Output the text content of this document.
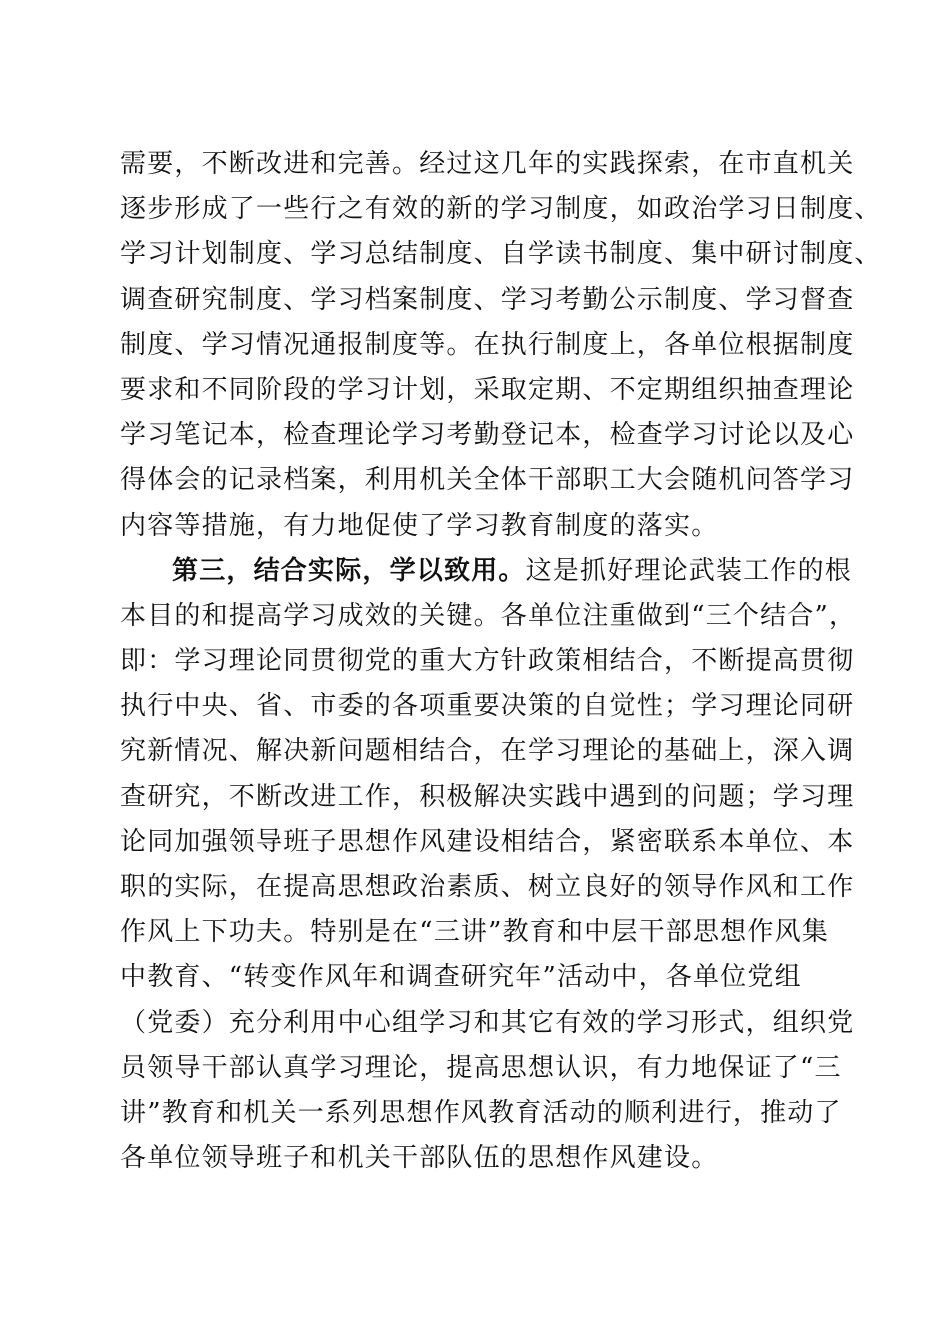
需要，不断改进和完善。经过这几年的实践探索，在市直机关
逐步形成了一些行之有效的新的学习制度，如政治学习日制度、
学习计划制度、学习总结制度、自学读书制度、集中研讨制度、
调查研究制度、学习档案制度、学习考勤公示制度、学习督查
制度、学习情况通报制度等。在执行制度上，各单位根据制度
要求和不同阶段的学习计划，采取定期、不定期组织抽查理论
学习笔记本，检查理论学习考勤登记本，检查学习讨论以及心
得体会的记录档案，利用机关全体干部职工大会随机问答学习
内容等措施，有力地促使了学习教育制度的落实。
第三，结合实际，学以致用。这是抓好理论武装工作的根
本目的和提高学习成效的关键。各单位注重做到“三个结合”，
即：学习理论同贯彻党的重大方针政策相结合，不断提高贯彻
执行中央、省、市委的各项重要决策的自觉性；学习理论同研
究新情况、解决新问题相结合，在学习理论的基础上，深入调
查研究，不断改进工作，积极解决实践中遇到的问题；学习理
论同加强领导班子思想作风建设相结合，紧密联系本单位、本
职的实际，在提高思想政治素质、树立良好的领导作风和工作
作风上下功夫。特别是在“三讲”教育和中层干部思想作风集
中教育、“转变作风年和调查研究年”活动中，各单位党组
（党委）充分利用中心组学习和其它有效的学习形式，组织党
员领导干部认真学习理论，提高思想认识，有力地保证了“三
讲”教育和机关一系列思想作风教育活动的顺利进行，推动了
各单位领导班子和机关干部队伍的思想作风建设。
